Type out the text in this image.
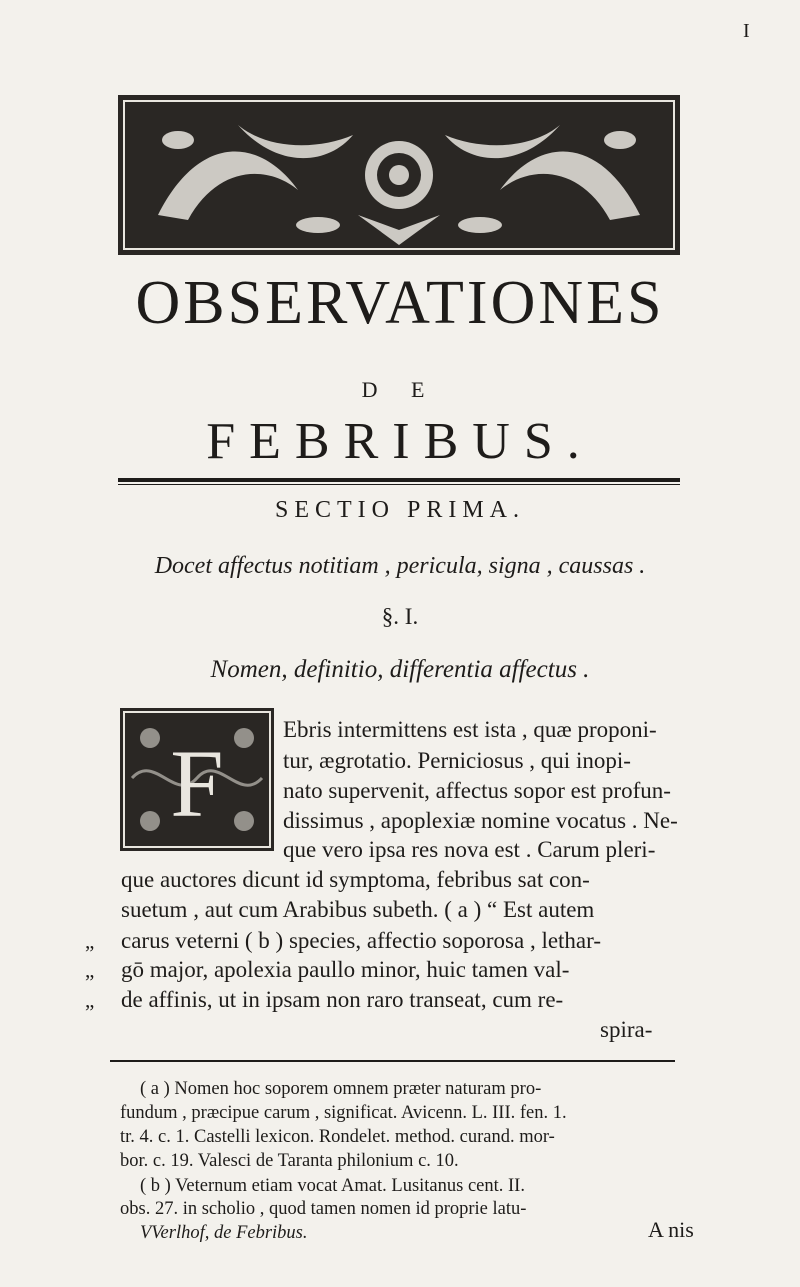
I
OBSERVATIONES
D E
FEBRIBUS.
SECTIO PRIMA.
Docet affectus notitiam , pericula, signa , caussas .
§. I.
Nomen, definitio, differentia affectus .
F
Ebris intermittens est ista , quæ proponi-
tur, ægrotatio. Perniciosus , qui inopi-
nato supervenit, affectus sopor est profun-
dissimus , apoplexiæ nomine vocatus . Ne-
que vero ipsa res nova est . Carum pleri-
que auctores dicunt id symptoma, febribus sat con-
suetum , aut cum Arabibus subeth. ( a ) “ Est autem
„ carus veterni ( b ) species, affectio soporosa , lethar-
„ gō major, apolexia paullo minor, huic tamen val-
„ de affinis, ut in ipsam non raro transeat, cum re-
spira-
( a ) Nomen hoc soporem omnem præter naturam pro-
fundum , præcipue carum , significat. Avicenn. L. III. fen. 1.
tr. 4. c. 1. Castelli lexicon. Rondelet. method. curand. mor-
bor. c. 19. Valesci de Taranta philonium c. 10.
( b ) Veternum etiam vocat Amat. Lusitanus cent. II.
obs. 27. in scholio , quod tamen nomen id proprie latu-
VVerlhof, de Febribus.	A nis
